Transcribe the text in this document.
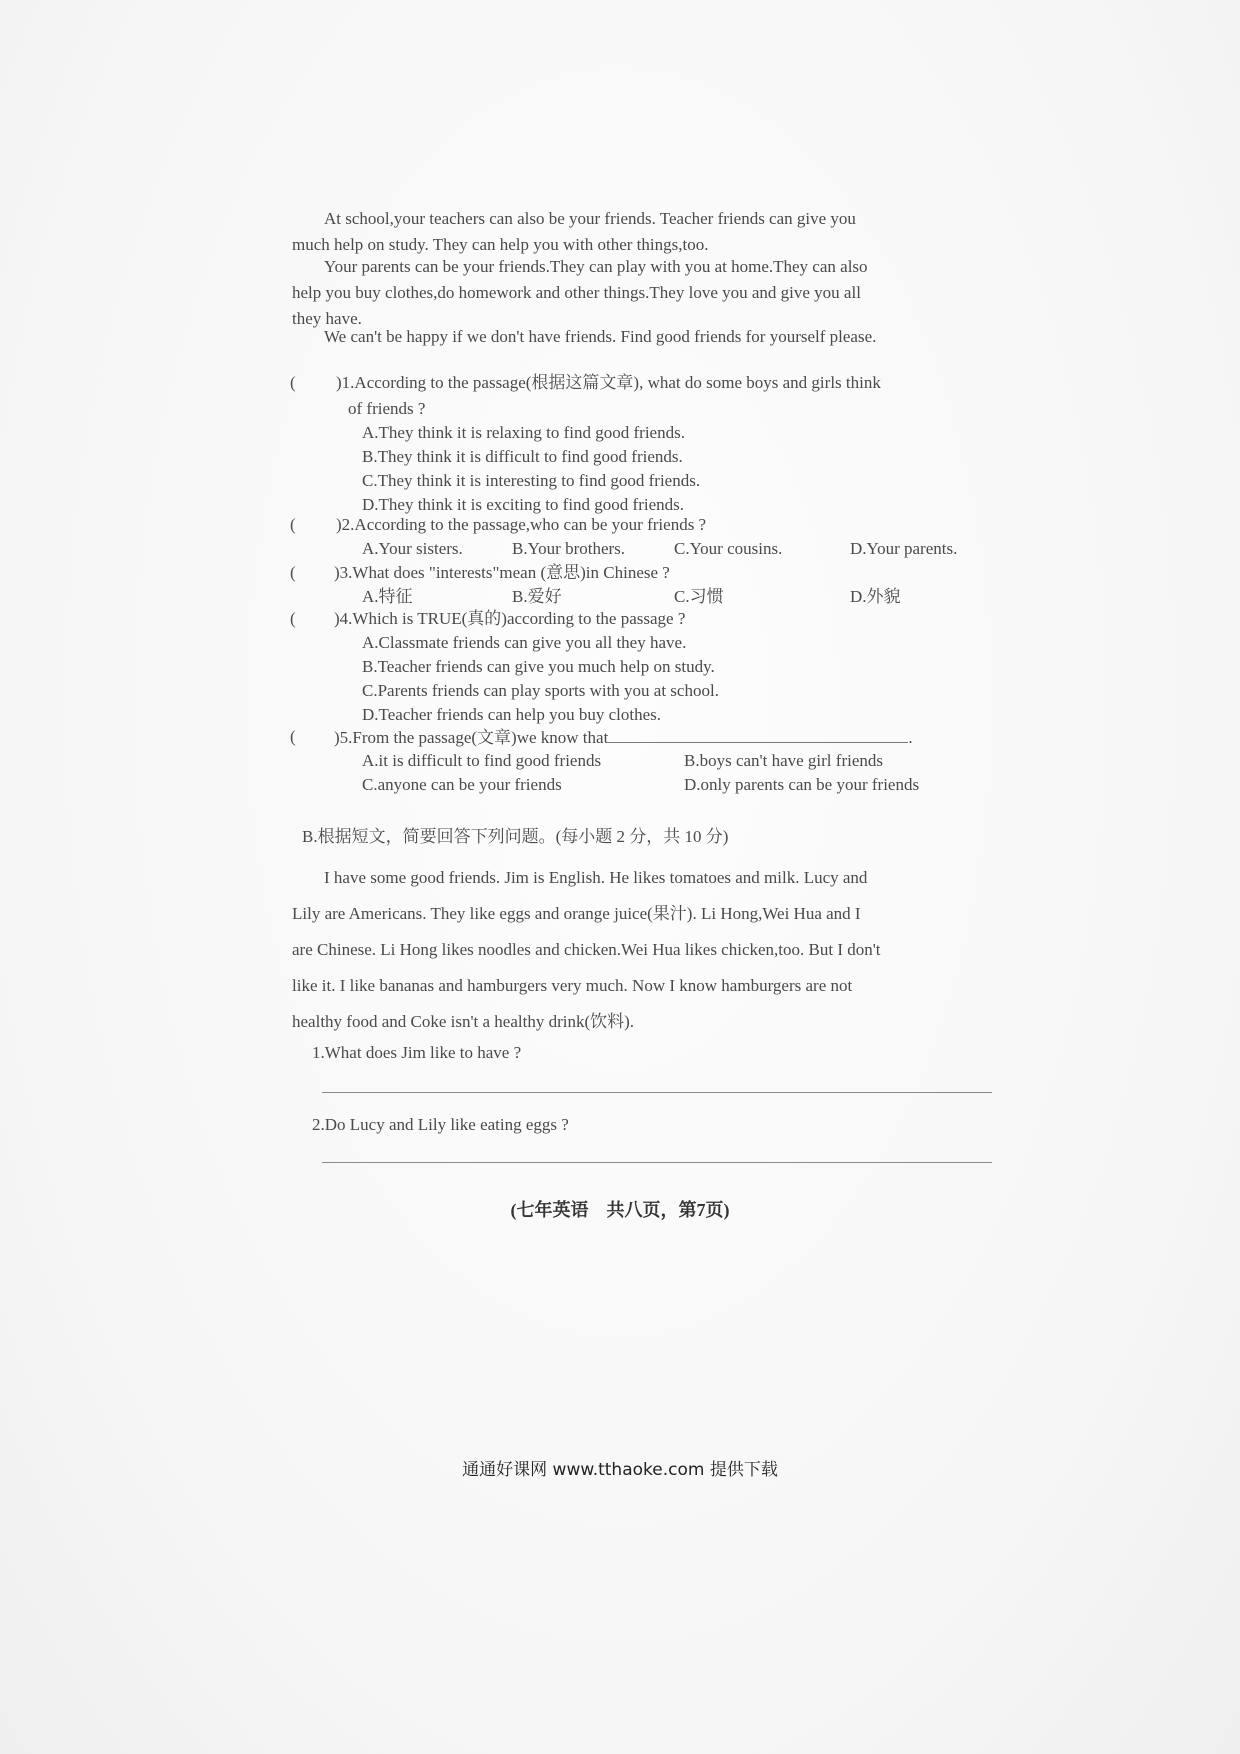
At school,your teachers can also be your friends. Teacher friends can give you
much help on study. They can help you with other things,too.
Your parents can be your friends.They can play with you at home.They can also
help you buy clothes,do homework and other things.They love you and give you all
they have.
We can't be happy if we don't have friends. Find good friends for yourself please.
( )1.According to the passage(根据这篇文章), what do some boys and girls think
of friends ?
A.They think it is relaxing to find good friends.
B.They think it is difficult to find good friends.
C.They think it is interesting to find good friends.
D.They think it is exciting to find good friends.
( )2.According to the passage,who can be your friends ?
A.Your sisters.	B.Your brothers.	C.Your cousins.	D.Your parents.
( )3.What does "interests"mean (意思)in Chinese ?
A.特征	B.爱好	C.习惯	D.外貌
( )4.Which is TRUE(真的)according to the passage ?
A.Classmate friends can give you all they have.
B.Teacher friends can give you much help on study.
C.Parents friends can play sports with you at school.
D.Teacher friends can help you buy clothes.
( )5.From the passage(文章)we know that	.
A.it is difficult to find good friends	B.boys can't have girl friends
C.anyone can be your friends	D.only parents can be your friends
B.根据短文，简要回答下列问题。(每小题 2 分，共 10 分)
I have some good friends. Jim is English. He likes tomatoes and milk. Lucy and
Lily are Americans. They like eggs and orange juice(果汁). Li Hong,Wei Hua and I
are Chinese. Li Hong likes noodles and chicken.Wei Hua likes chicken,too. But I don't
like it. I like bananas and hamburgers very much. Now I know hamburgers are not
healthy food and Coke isn't a healthy drink(饮料).
1.What does Jim like to have ?
2.Do Lucy and Lily like eating eggs ?
(七年英语　共八页，第7页)
通通好课网 www.tthaoke.com 提供下载
